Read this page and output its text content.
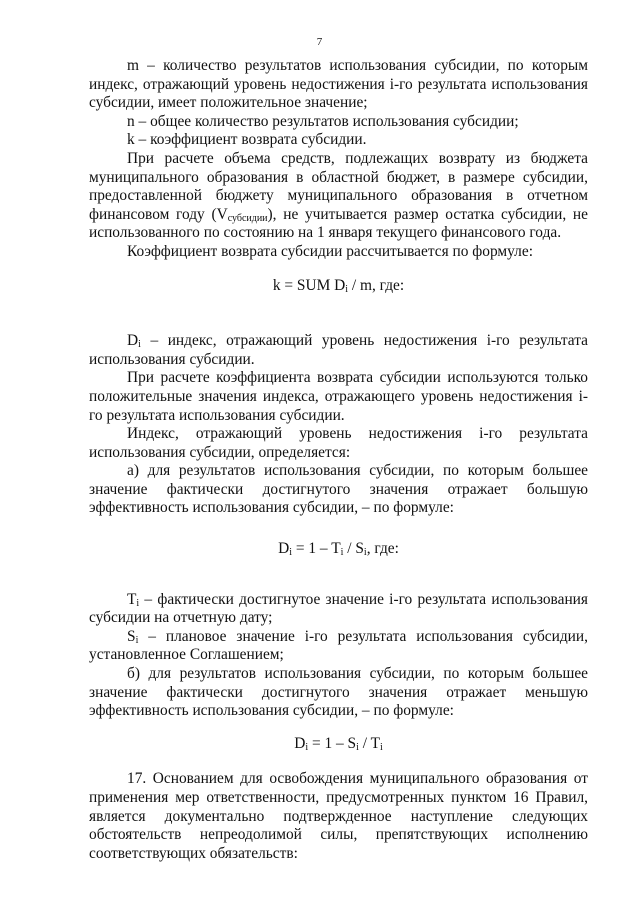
7

m – количество результатов использования субсидии, по которым индекс, отражающий уровень недостижения i-го результата использования субсидии, имеет положительное значение;

n – общее количество результатов использования субсидии;

k – коэффициент возврата субсидии.

При расчете объема средств, подлежащих возврату из бюджета муниципального образования в областной бюджет, в размере субсидии, предоставленной бюджету муниципального образования в отчетном финансовом году $(V_{субсидии})$, не учитывается размер остатка субсидии, не использованного по состоянию на 1 января текущего финансового года.

Коэффициент возврата субсидии рассчитывается по формуле:

k = SUM $D_i$ / m, где:

$D_i$ – индекс, отражающий уровень недостижения i-го результата использования субсидии.

При расчете коэффициента возврата субсидии используются только положительные значения индекса, отражающего уровень недостижения i-го результата использования субсидии.

Индекс, отражающий уровень недостижения i-го результата использования субсидии, определяется:

а) для результатов использования субсидии, по которым большее значение фактически достигнутого значения отражает большую эффективность использования субсидии, – по формуле:

$D_i = 1 - T_i / S_i$, где:

$T_i$ – фактически достигнутое значение i-го результата использования субсидии на отчетную дату;

$S_i$ – плановое значение i-го результата использования субсидии, установленное Соглашением;

б) для результатов использования субсидии, по которым большее значение фактически достигнутого значения отражает меньшую эффективность использования субсидии, – по формуле:

$D_i = 1 - S_i / T_i$

17. Основанием для освобождения муниципального образования от применения мер ответственности, предусмотренных пунктом 16 Правил, является документально подтвержденное наступление следующих обстоятельств непреодолимой силы, препятствующих исполнению соответствующих обязательств:
